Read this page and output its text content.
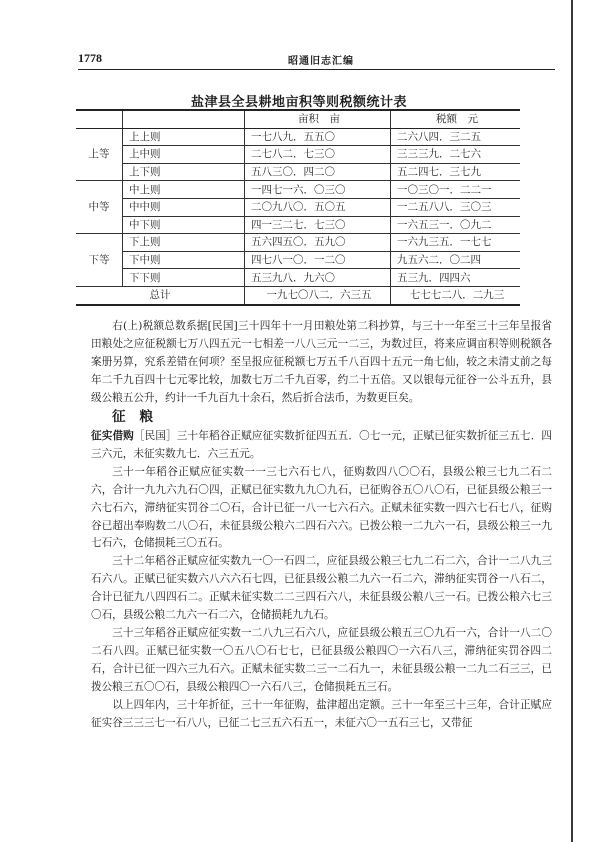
1778	昭通旧志汇编
盐津县全县耕地亩积等则税额统计表
		亩积　亩	税额　元
上等	上上则	一七八九．五五〇	二六八四．三二五
	上中则	二七八二．七三〇	三三三九．二七六
	上下则	五八三〇．四二〇	五二四七．三七九
中等	中上则	一四七一六．〇三〇	一〇三〇一．二二一
	中中则	二〇九八〇．五〇五	一二五八八．三〇三
	中下则	四一三二七．七三〇	一六五三一．〇九二
下等	下上则	五六四五〇．五九〇	一六九三五．一七七
	下中则	四七八一〇．一二〇	九五六二．〇二四
	下下则	五三九八．九六〇	五三九．四四六
总计		一九七〇八二．六三五	七七七二八．二九三

右(上)税额总数系据[民国]三十四年十一月田粮处第二科抄算，与三十一年至三十三年呈报省田粮处之应征税额七万八四五元一七相差一八八三元一二三，为数过巨，将来应调亩积等则税额各案册另算，究系差错在何项？至呈报应征税额七万五千八百四十五元一角七仙，较之未清丈前之每年二千九百四十七元零比较，加数七万二千九百零，约二十五倍。又以银每元征谷一公斗五升，县级公粮五公升，约计一千九百九十余石，然后折合法币，为数更巨矣。

征粮

征实借购［民国］三十年稻谷正赋应征实数折征四五五．〇七一元，正赋已征实数折征三五七．四三六元，未征实数九七．六三五元。

三十一年稻谷正赋应征实数一一三七六石七八，征购数四八〇〇石，县级公粮三七九二石二六，合计一九九六九石〇四，正赋已征实数九九〇九石，已征购谷五〇八〇石，已征县级公粮三一六七石六，滞纳征实罚谷二〇石，合计已征一八一七六石六。正赋未征实数一四六七石七八，征购谷已超出奉购数二八〇石，未征县级公粮六二四石六六。已拨公粮一二九六一石，县级公粮三一九七石六，仓储损耗三〇五石。

三十二年稻谷正赋应征实数九一〇一石四二，应征县级公粮三七九二石二六，合计一二八九三石六八。正赋已征实数六八六六石七四，已征县级公粮二九六一石二六，滞纳征实罚谷一八石二，合计已征九八四四石二。正赋未征实数二二三四石六八，未征县级公粮八三一石。已拨公粮六七三〇石，县级公粮二九六一石二六，仓储损耗九九石。

三十三年稻谷正赋应征实数一二八九三石六八，应征县级公粮五三〇九石一六，合计一八二〇二石八四。正赋已征实数一〇五八〇石七七，已征县级公粮四〇一六石八三，滞纳征实罚谷四二石，合计已征一四六三九石六。正赋未征实数二三一二石九一，未征县级公粮一二九二石三三，已拨公粮三五〇〇石，县级公粮四〇一六石八三，仓储损耗五三石。

以上四年内，三十年折征，三十一年征购，盐津超出定额。三十一年至三十三年，合计正赋应征实谷三三三七一石八八，已征二七三五六石五一，未征六〇一五石三七，又带征
